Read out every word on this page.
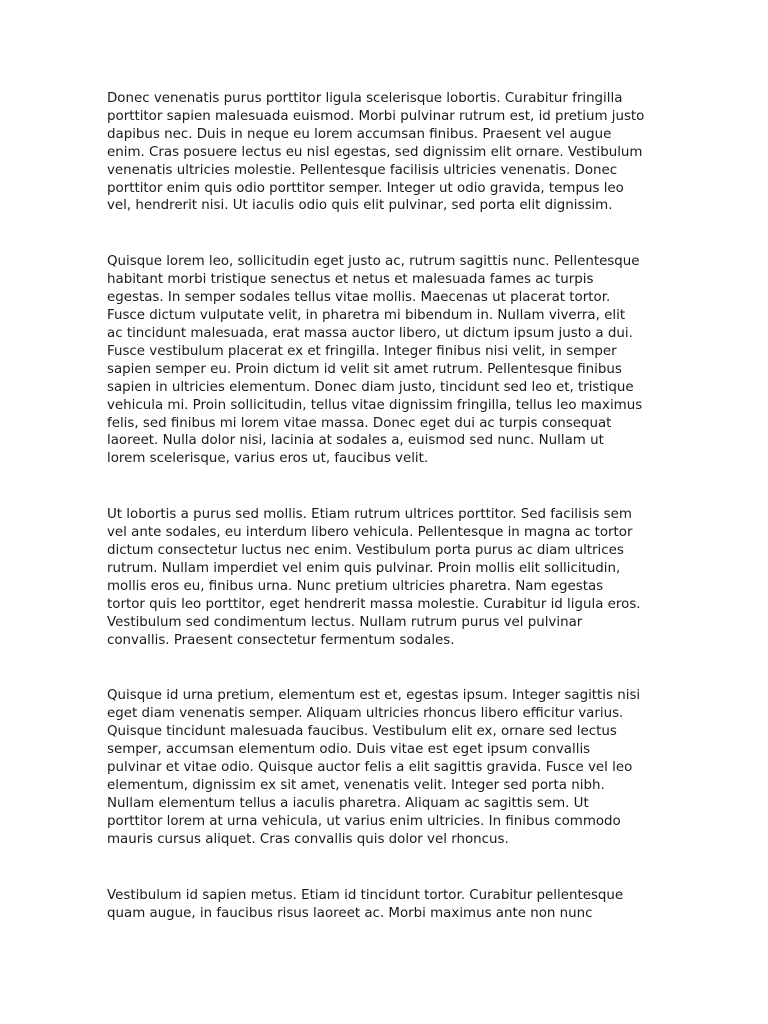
Donec venenatis purus porttitor ligula scelerisque lobortis. Curabitur fringilla
porttitor sapien malesuada euismod. Morbi pulvinar rutrum est, id pretium justo
dapibus nec. Duis in neque eu lorem accumsan finibus. Praesent vel augue
enim. Cras posuere lectus eu nisl egestas, sed dignissim elit ornare. Vestibulum
venenatis ultricies molestie. Pellentesque facilisis ultricies venenatis. Donec
porttitor enim quis odio porttitor semper. Integer ut odio gravida, tempus leo
vel, hendrerit nisi. Ut iaculis odio quis elit pulvinar, sed porta elit dignissim.

Quisque lorem leo, sollicitudin eget justo ac, rutrum sagittis nunc. Pellentesque
habitant morbi tristique senectus et netus et malesuada fames ac turpis
egestas. In semper sodales tellus vitae mollis. Maecenas ut placerat tortor.
Fusce dictum vulputate velit, in pharetra mi bibendum in. Nullam viverra, elit
ac tincidunt malesuada, erat massa auctor libero, ut dictum ipsum justo a dui.
Fusce vestibulum placerat ex et fringilla. Integer finibus nisi velit, in semper
sapien semper eu. Proin dictum id velit sit amet rutrum. Pellentesque finibus
sapien in ultricies elementum. Donec diam justo, tincidunt sed leo et, tristique
vehicula mi. Proin sollicitudin, tellus vitae dignissim fringilla, tellus leo maximus
felis, sed finibus mi lorem vitae massa. Donec eget dui ac turpis consequat
laoreet. Nulla dolor nisi, lacinia at sodales a, euismod sed nunc. Nullam ut
lorem scelerisque, varius eros ut, faucibus velit.

Ut lobortis a purus sed mollis. Etiam rutrum ultrices porttitor. Sed facilisis sem
vel ante sodales, eu interdum libero vehicula. Pellentesque in magna ac tortor
dictum consectetur luctus nec enim. Vestibulum porta purus ac diam ultrices
rutrum. Nullam imperdiet vel enim quis pulvinar. Proin mollis elit sollicitudin,
mollis eros eu, finibus urna. Nunc pretium ultricies pharetra. Nam egestas
tortor quis leo porttitor, eget hendrerit massa molestie. Curabitur id ligula eros.
Vestibulum sed condimentum lectus. Nullam rutrum purus vel pulvinar
convallis. Praesent consectetur fermentum sodales.

Quisque id urna pretium, elementum est et, egestas ipsum. Integer sagittis nisi
eget diam venenatis semper. Aliquam ultricies rhoncus libero efficitur varius.
Quisque tincidunt malesuada faucibus. Vestibulum elit ex, ornare sed lectus
semper, accumsan elementum odio. Duis vitae est eget ipsum convallis
pulvinar et vitae odio. Quisque auctor felis a elit sagittis gravida. Fusce vel leo
elementum, dignissim ex sit amet, venenatis velit. Integer sed porta nibh.
Nullam elementum tellus a iaculis pharetra. Aliquam ac sagittis sem. Ut
porttitor lorem at urna vehicula, ut varius enim ultricies. In finibus commodo
mauris cursus aliquet. Cras convallis quis dolor vel rhoncus.

Vestibulum id sapien metus. Etiam id tincidunt tortor. Curabitur pellentesque
quam augue, in faucibus risus laoreet ac. Morbi maximus ante non nunc
